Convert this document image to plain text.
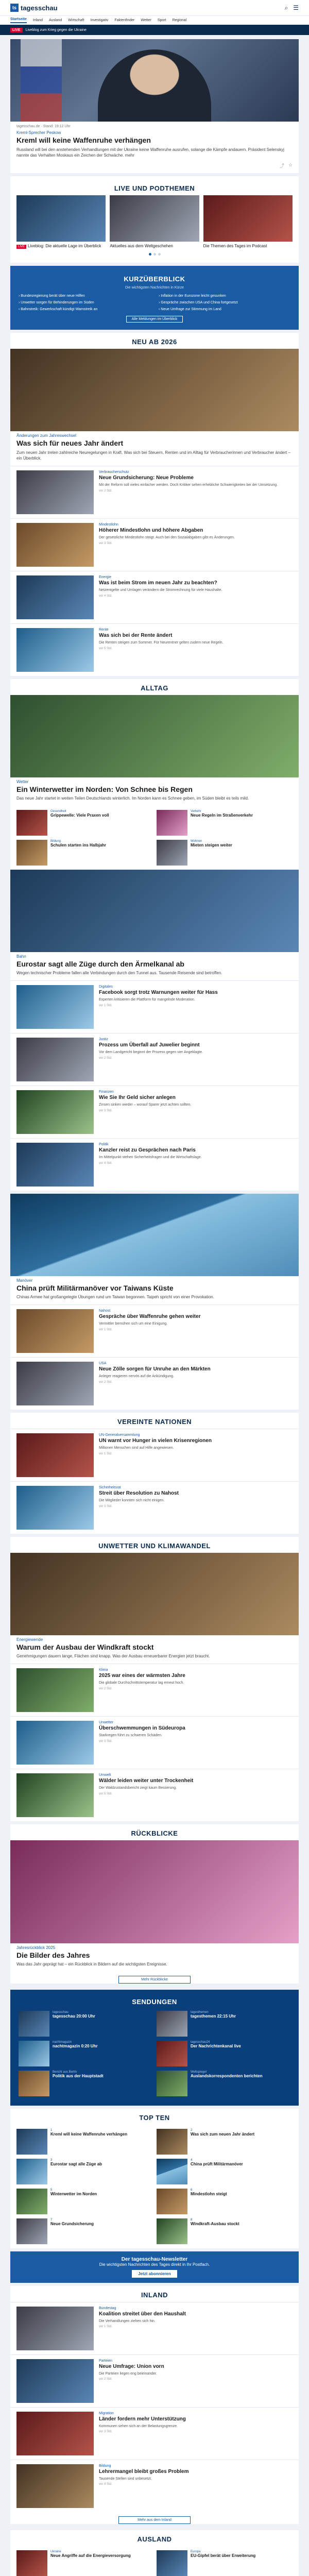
ts tagesschau	⌕ ☰
Startseite Inland Ausland Wirtschaft Investigativ Faktenfinder Wetter Sport Regional
LIVE	Liveblog zum Krieg gegen die Ukraine
tagesschau.de · Stand: 19:12 Uhr
Kreml-Sprecher Peskow
Kreml will keine Waffenruhe verhängen

Russland will bei den anstehenden Verhandlungen mit der Ukraine keine Waffenruhe ausrufen, solange die Kämpfe andauern. Präsident Selenskyj nannte das Verhalten Moskaus ein Zeichen der Schwäche. mehr

⤴ ☆
LIVE UND PODTHEMEN
LIVE Liveblog: Die aktuelle Lage im Überblick	Aktuelles aus dem Weltgeschehen	Die Themen des Tages im Podcast
KURZÜBERBLICK

Die wichtigsten Nachrichten in Kürze

› Bundesregierung berät über neue Hilfen	› Inflation in der Eurozone leicht gesunken
› Unwetter sorgen für Behinderungen im Süden	› Gespräche zwischen USA und China fortgesetzt
› Bahnstreik: Gewerkschaft kündigt Warnstreik an	› Neue Umfrage zur Stimmung im Land
Alle Meldungen im Überblick
NEU AB 2026
Änderungen zum Jahreswechsel
Was sich für neues Jahr ändert

Zum neuen Jahr treten zahlreiche Neuregelungen in Kraft. Was sich bei Steuern, Renten und im Alltag für Verbraucherinnen und Verbraucher ändert – ein Überblick.

Verbraucherschutz
Neue Grundsicherung: Neue Probleme
Mit der Reform soll vieles einfacher werden. Doch Kritiker sehen erhebliche Schwierigkeiten bei der Umsetzung.
vor 2 Std.
Mindestlohn
Höherer Mindestlohn und höhere Abgaben
Der gesetzliche Mindestlohn steigt. Auch bei den Sozialabgaben gibt es Änderungen.
vor 3 Std.
Energie
Was ist beim Strom im neuen Jahr zu beachten?
Netzentgelte und Umlagen verändern die Stromrechnung für viele Haushalte.
vor 4 Std.
Rente
Was sich bei der Rente ändert
Die Renten steigen zum Sommer. Für Neurentner gelten zudem neue Regeln.
vor 5 Std.
ALLTAG
Wetter
Ein Winterwetter im Norden: Von Schnee bis Regen

Das neue Jahr startet in weiten Teilen Deutschlands winterlich. Im Norden kann es Schnee geben, im Süden bleibt es teils mild.

Gesundheit
Grippewelle: Viele Praxen voll
Verkehr
Neue Regeln im Straßenverkehr
Bildung
Schulen starten ins Halbjahr
Wohnen
Mieten steigen weiter
Bahn
Eurostar sagt alle Züge durch den Ärmelkanal ab

Wegen technischer Probleme fallen alle Verbindungen durch den Tunnel aus. Tausende Reisende sind betroffen.

Digitales
Facebook sorgt trotz Warnungen weiter für Hass
Experten kritisieren die Plattform für mangelnde Moderation.
vor 1 Std.
Justiz
Prozess um Überfall auf Juwelier beginnt
Vor dem Landgericht beginnt der Prozess gegen vier Angeklagte.
vor 2 Std.
Finanzen
Wie Sie Ihr Geld sicher anlegen
Zinsen sinken wieder – worauf Sparer jetzt achten sollten.
vor 3 Std.
Politik
Kanzler reist zu Gesprächen nach Paris
Im Mittelpunkt stehen Sicherheitsfragen und die Wirtschaftslage.
vor 4 Std.
Manöver
China prüft Militärmanöver vor Taiwans Küste

Chinas Armee hat großangelegte Übungen rund um Taiwan begonnen. Taipeh spricht von einer Provokation.

Nahost
Gespräche über Waffenruhe gehen weiter
Vermittler bemühen sich um eine Einigung.
vor 1 Std.
USA
Neue Zölle sorgen für Unruhe an den Märkten
Anleger reagieren nervös auf die Ankündigung.
vor 2 Std.
VEREINTE NATIONEN
UN-Generalversammlung
UN warnt vor Hunger in vielen Krisenregionen
Millionen Menschen sind auf Hilfe angewiesen.
vor 1 Std.
Sicherheitsrat
Streit über Resolution zu Nahost
Die Mitglieder konnten sich nicht einigen.
vor 3 Std.
UNWETTER UND KLIMAWANDEL
Energiewende
Warum der Ausbau der Windkraft stockt

Genehmigungen dauern lange, Flächen sind knapp. Was der Ausbau erneuerbarer Energien jetzt braucht.

Klima
2025 war eines der wärmsten Jahre
Die globale Durchschnittstemperatur lag erneut hoch.
vor 2 Std.
Unwetter
Überschwemmungen in Südeuropa
Starkregen führt zu schweren Schäden.
vor 3 Std.
Umwelt
Wälder leiden weiter unter Trockenheit
Der Waldzustandsbericht zeigt kaum Besserung.
vor 5 Std.
RÜCKBLICKE
Jahresrückblick 2025
Die Bilder des Jahres

Was das Jahr geprägt hat – ein Rückblick in Bildern auf die wichtigsten Ereignisse.

Mehr Rückblicke
SENDUNGEN
tagesschau
tagesschau 20:00 Uhr
tagesthemen
tagesthemen 22:15 Uhr
nachtmagazin
nachtmagazin 0:20 Uhr
tagesschau24
Der Nachrichtenkanal live
Bericht aus Berlin
Politik aus der Hauptstadt
Weltspiegel
Auslandskorrespondenten berichten
TOP TEN
1
Kreml will keine Waffenruhe verhängen
2
Was sich zum neuen Jahr ändert
3
Eurostar sagt alle Züge ab
4
China prüft Militärmanöver
5
Winterwetter im Norden
6
Mindestlohn steigt
7
Neue Grundsicherung
8
Windkraft-Ausbau stockt
Der tagesschau-Newsletter
Die wichtigsten Nachrichten des Tages direkt in Ihr Postfach.
Jetzt abonnieren
INLAND
Bundestag
Koalition streitet über den Haushalt
Die Verhandlungen ziehen sich hin.
vor 1 Std.
Parteien
Neue Umfrage: Union vorn
Die Parteien liegen eng beieinander.
vor 2 Std.
Migration
Länder fordern mehr Unterstützung
Kommunen sehen sich an der Belastungsgrenze.
vor 3 Std.
Bildung
Lehrermangel bleibt großes Problem
Tausende Stellen sind unbesetzt.
vor 4 Std.
Mehr aus dem Inland
AUSLAND
Ukraine
Neue Angriffe auf die Energieversorgung
Europa
EU-Gipfel berät über Erweiterung
